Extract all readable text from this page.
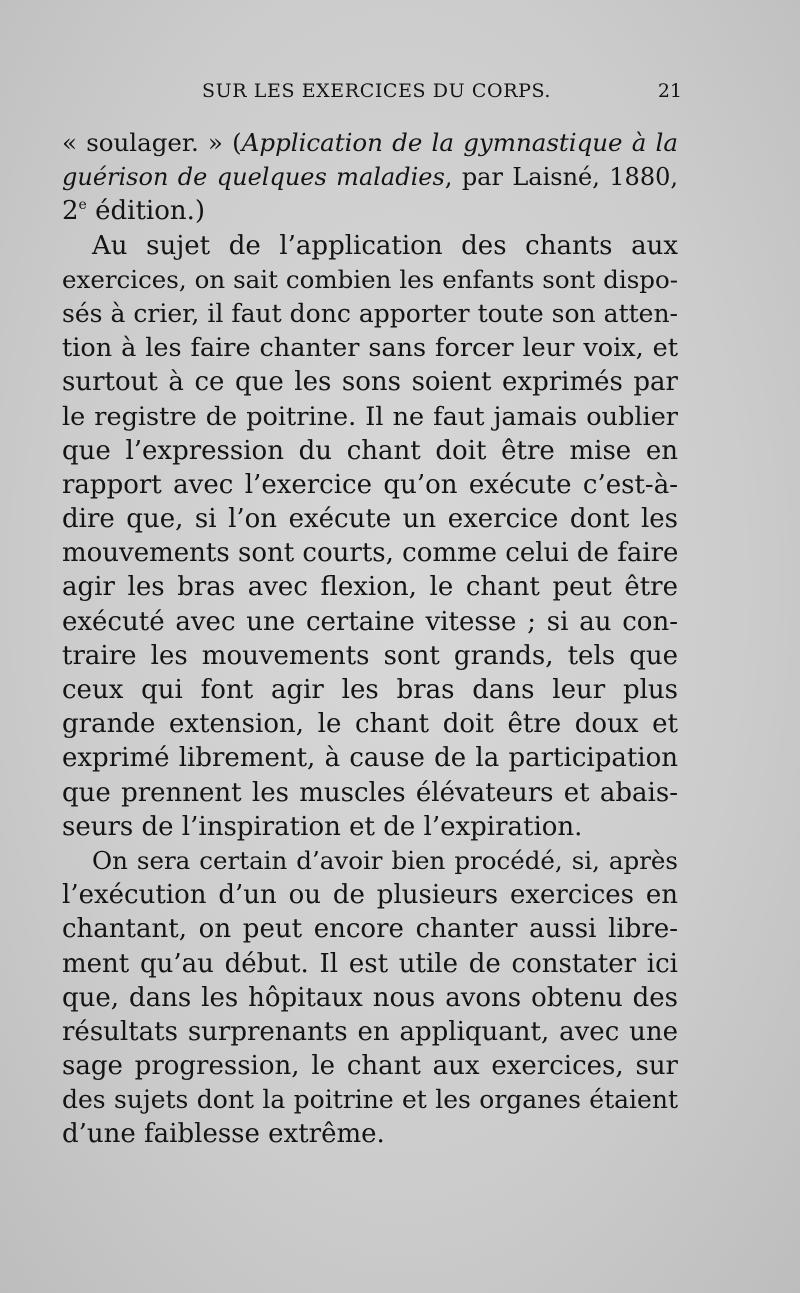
SUR LES EXERCICES DU CORPS.	21
« soulager. » (Application de la gymnastique à la
guérison de quelques maladies, par Laisné, 1880,
2e édition.)
Au sujet de l’application des chants aux
exercices, on sait combien les enfants sont dispo-
sés à crier, il faut donc apporter toute son atten-
tion à les faire chanter sans forcer leur voix, et
surtout à ce que les sons soient exprimés par
le registre de poitrine. Il ne faut jamais oublier
que l’expression du chant doit être mise en
rapport avec l’exercice qu’on exécute c’est-à-
dire que, si l’on exécute un exercice dont les
mouvements sont courts, comme celui de faire
agir les bras avec flexion, le chant peut être
exécuté avec une certaine vitesse ; si au con-
traire les mouvements sont grands, tels que
ceux qui font agir les bras dans leur plus
grande extension, le chant doit être doux et
exprimé librement, à cause de la participation
que prennent les muscles élévateurs et abais-
seurs de l’inspiration et de l’expiration.
On sera certain d’avoir bien procédé, si, après
l’exécution d’un ou de plusieurs exercices en
chantant, on peut encore chanter aussi libre-
ment qu’au début. Il est utile de constater ici
que, dans les hôpitaux nous avons obtenu des
résultats surprenants en appliquant, avec une
sage progression, le chant aux exercices, sur
des sujets dont la poitrine et les organes étaient
d’une faiblesse extrême.
